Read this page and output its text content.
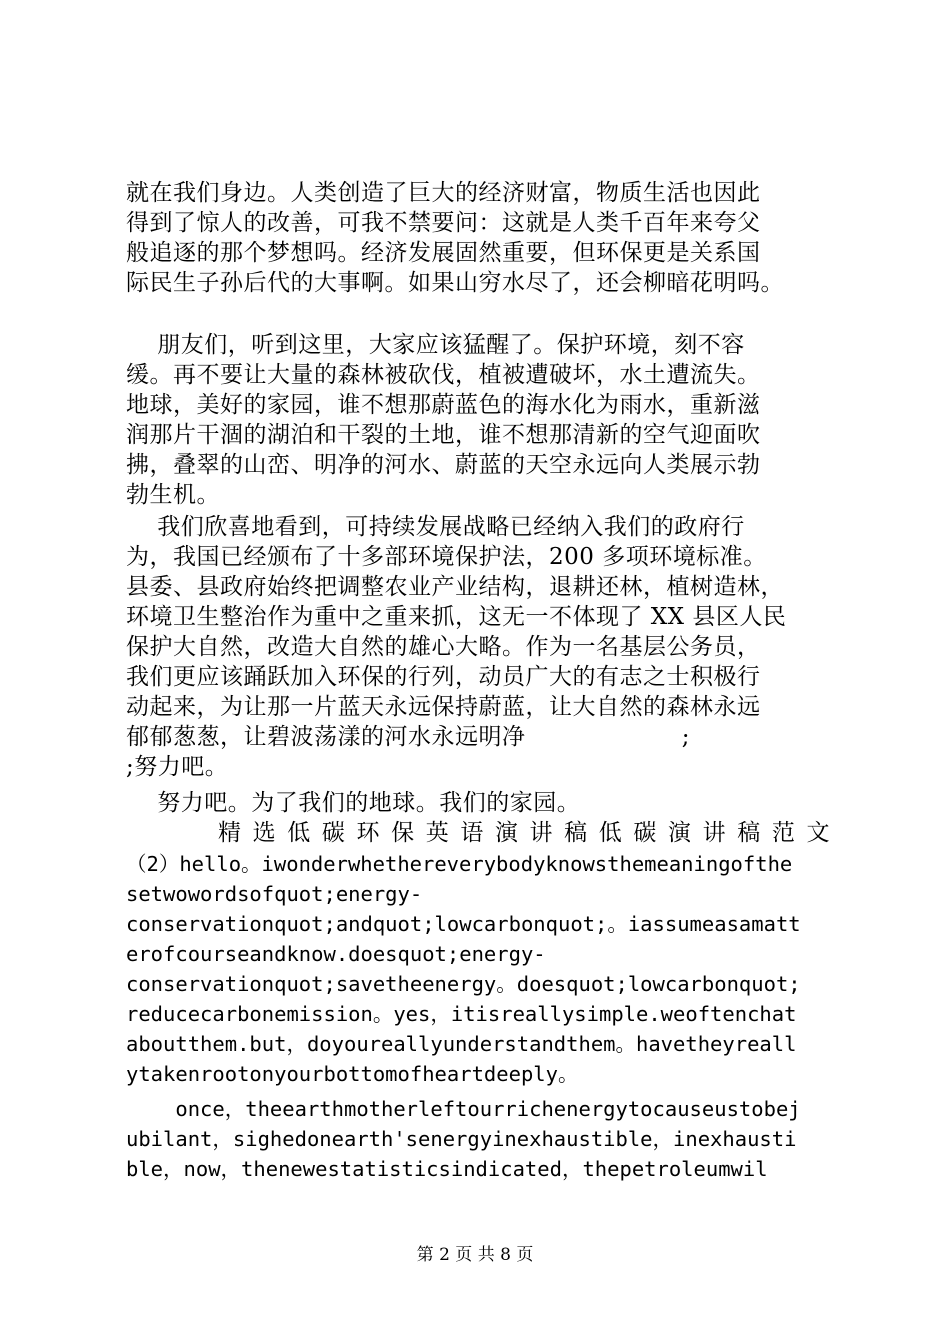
就在我们身边。人类创造了巨大的经济财富，物质生活也因此
得到了惊人的改善，可我不禁要问：这就是人类千百年来夸父
般追逐的那个梦想吗。经济发展固然重要，但环保更是关系国
际民生子孙后代的大事啊。如果山穷水尽了，还会柳暗花明吗。
朋友们，听到这里，大家应该猛醒了。保护环境，刻不容
缓。再不要让大量的森林被砍伐，植被遭破坏，水土遭流失。
地球，美好的家园，谁不想那蔚蓝色的海水化为雨水，重新滋
润那片干涸的湖泊和干裂的土地，谁不想那清新的空气迎面吹
拂，叠翠的山峦、明净的河水、蔚蓝的天空永远向人类展示勃
勃生机。
我们欣喜地看到，可持续发展战略已经纳入我们的政府行
为，我国已经颁布了十多部环境保护法，200 多项环境标准。
县委、县政府始终把调整农业产业结构，退耕还林，植树造林，
环境卫生整治作为重中之重来抓，这无一不体现了 XX 县区人民
保护大自然，改造大自然的雄心大略。作为一名基层公务员，
我们更应该踊跃加入环保的行列，动员广大的有志之士积极行
动起来，为让那一片蓝天永远保持蔚蓝，让大自然的森林永远
郁郁葱葱，让碧波荡漾的河水永远明净                    ;
;努力吧。
努力吧。为了我们的地球。我们的家园。
精选低碳环保英语演讲稿低碳演讲稿范文
（2）hello。iwonderwhethereverybodyknowsthemeaningofthe
setwowordsofquot;energy-
conservationquot;andquot;lowcarbonquot;。iassumeasamatt
erofcourseandknow.doesquot;energy-
conservationquot;savetheenergy。doesquot;lowcarbonquot;
reducecarbonemission。yes，itisreallysimple.weoftenchat
aboutthem.but，doyoureallyunderstandthem。havetheyreall
ytakenrootonyourbottomofheartdeeply。
once，theearthmotherleftourrichenergytocauseustobej
ubilant，sighedonearth'senergyinexhaustible，inexhausti
ble，now，thenewestatisticsindicated，thepetroleumwil
第 2 页 共 8 页
